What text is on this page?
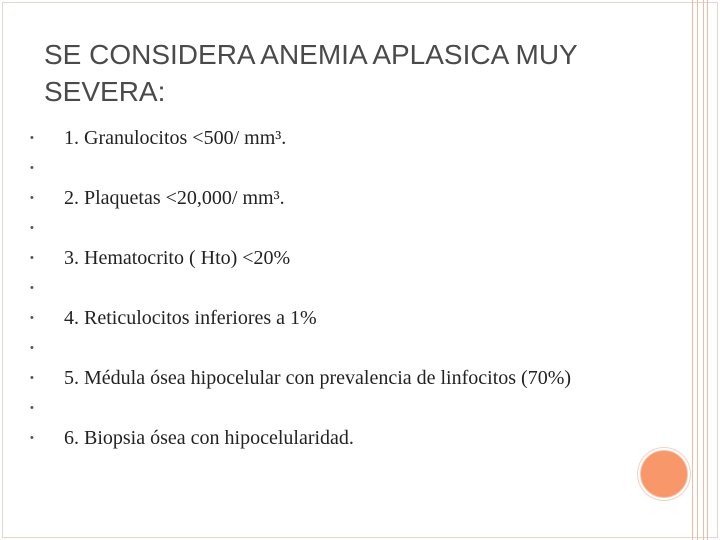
SE CONSIDERA ANEMIA APLASICA MUY SEVERA:
•	1. Granulocitos <500/ mm³.
•
•	2. Plaquetas <20,000/ mm³.
•
•	3. Hematocrito ( Hto) <20%
•
•	4. Reticulocitos inferiores a 1%
•
•	5. Médula ósea hipocelular con prevalencia de linfocitos (70%)
•
•	6. Biopsia ósea con hipocelularidad.
